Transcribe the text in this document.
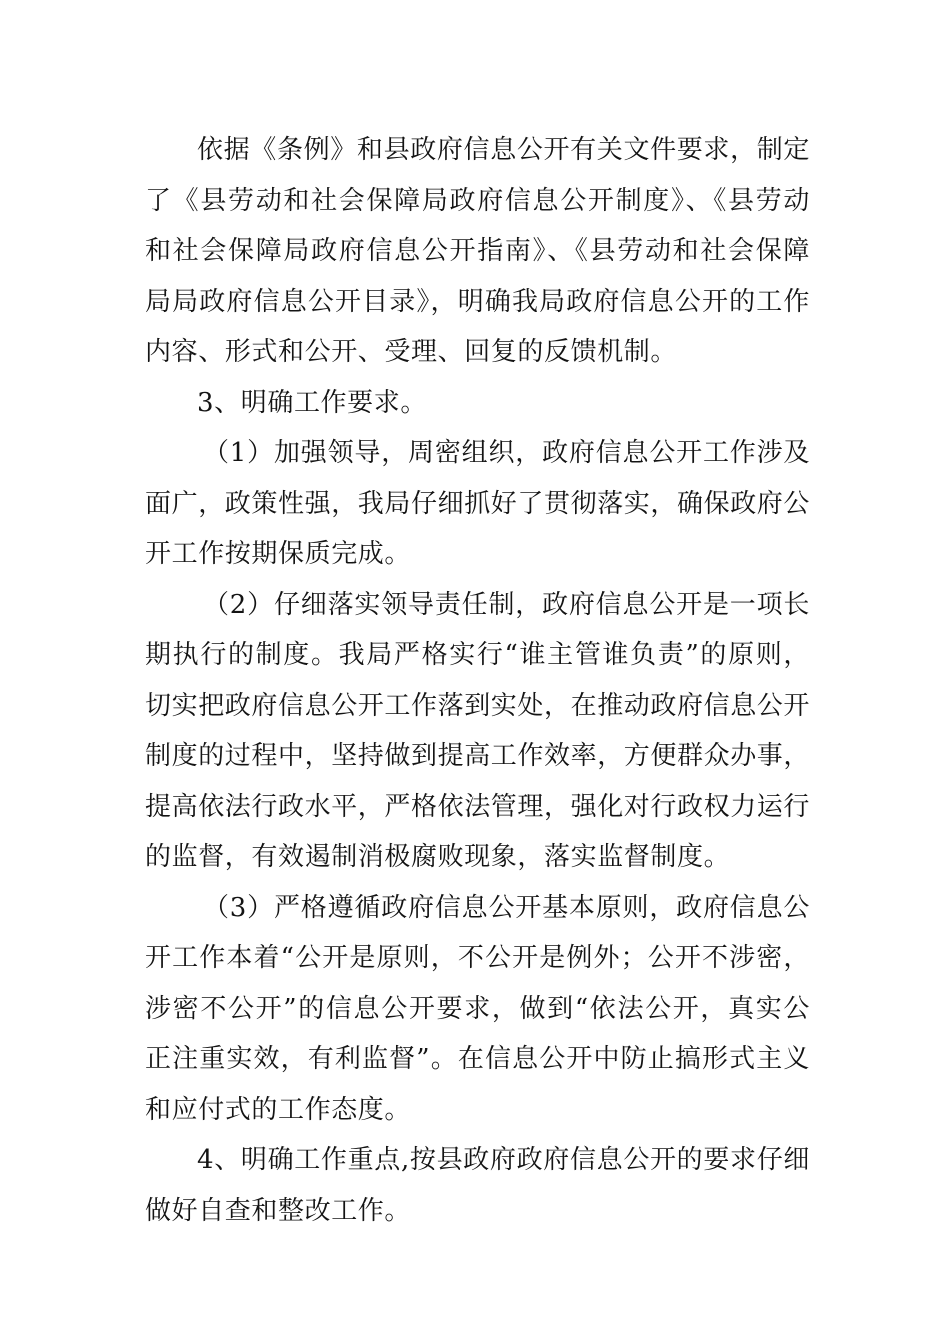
依据《条例》和县政府信息公开有关文件要求，制定了《县劳动和社会保障局政府信息公开制度》、《县劳动和社会保障局政府信息公开指南》、《县劳动和社会保障局局政府信息公开目录》，明确我局政府信息公开的工作内容、形式和公开、受理、回复的反馈机制。

3、明确工作要求。

（1）加强领导，周密组织，政府信息公开工作涉及面广，政策性强，我局仔细抓好了贯彻落实，确保政府公开工作按期保质完成。

（2）仔细落实领导责任制，政府信息公开是一项长期执行的制度。我局严格实行“谁主管谁负责”的原则，切实把政府信息公开工作落到实处，在推动政府信息公开制度的过程中，坚持做到提高工作效率，方便群众办事，提高依法行政水平，严格依法管理，强化对行政权力运行的监督，有效遏制消极腐败现象，落实监督制度。

（3）严格遵循政府信息公开基本原则，政府信息公开工作本着“公开是原则，不公开是例外；公开不涉密，涉密不公开”的信息公开要求，做到“依法公开，真实公正注重实效，有利监督”。在信息公开中防止搞形式主义和应付式的工作态度。

4、明确工作重点,按县政府政府信息公开的要求仔细做好自查和整改工作。
